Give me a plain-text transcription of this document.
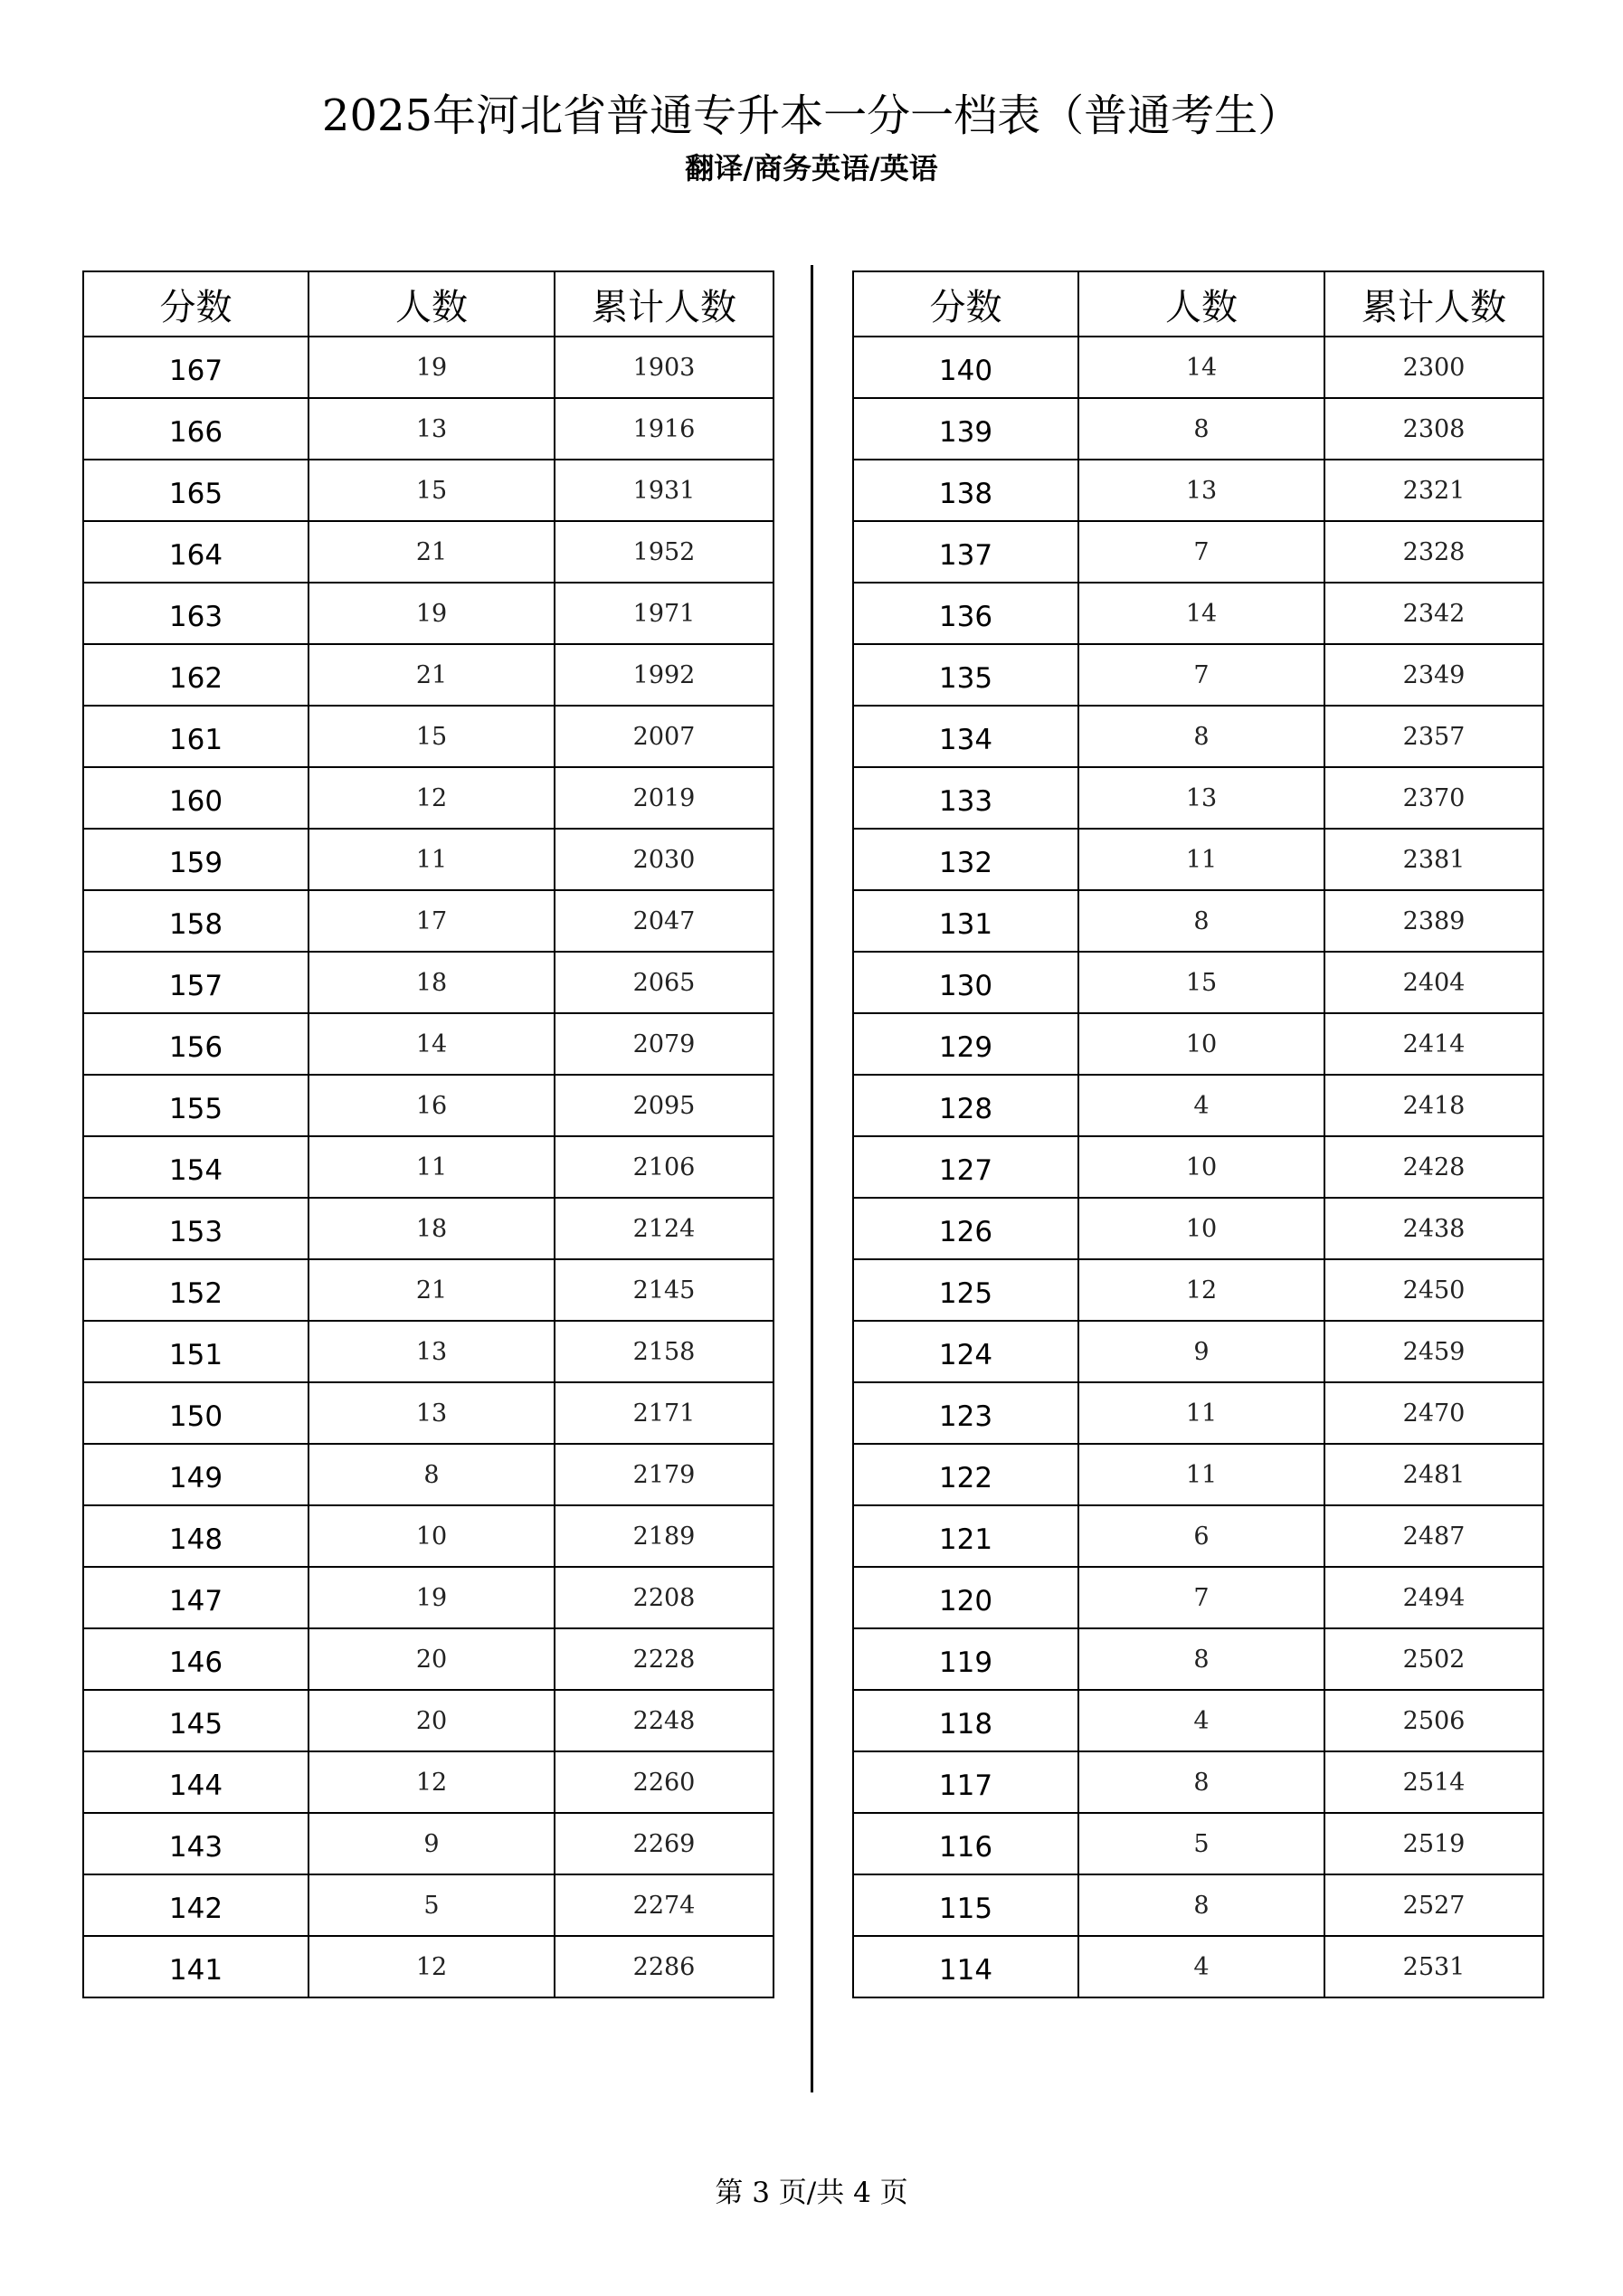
2025年河北省普通专升本一分一档表（普通考生）
翻译/商务英语/英语
分数	人数	累计人数
167	19	1903
166	13	1916
165	15	1931
164	21	1952
163	19	1971
162	21	1992
161	15	2007
160	12	2019
159	11	2030
158	17	2047
157	18	2065
156	14	2079
155	16	2095
154	11	2106
153	18	2124
152	21	2145
151	13	2158
150	13	2171
149	8	2179
148	10	2189
147	19	2208
146	20	2228
145	20	2248
144	12	2260
143	9	2269
142	5	2274
141	12	2286
分数	人数	累计人数
140	14	2300
139	8	2308
138	13	2321
137	7	2328
136	14	2342
135	7	2349
134	8	2357
133	13	2370
132	11	2381
131	8	2389
130	15	2404
129	10	2414
128	4	2418
127	10	2428
126	10	2438
125	12	2450
124	9	2459
123	11	2470
122	11	2481
121	6	2487
120	7	2494
119	8	2502
118	4	2506
117	8	2514
116	5	2519
115	8	2527
114	4	2531
第 3 页/共 4 页
